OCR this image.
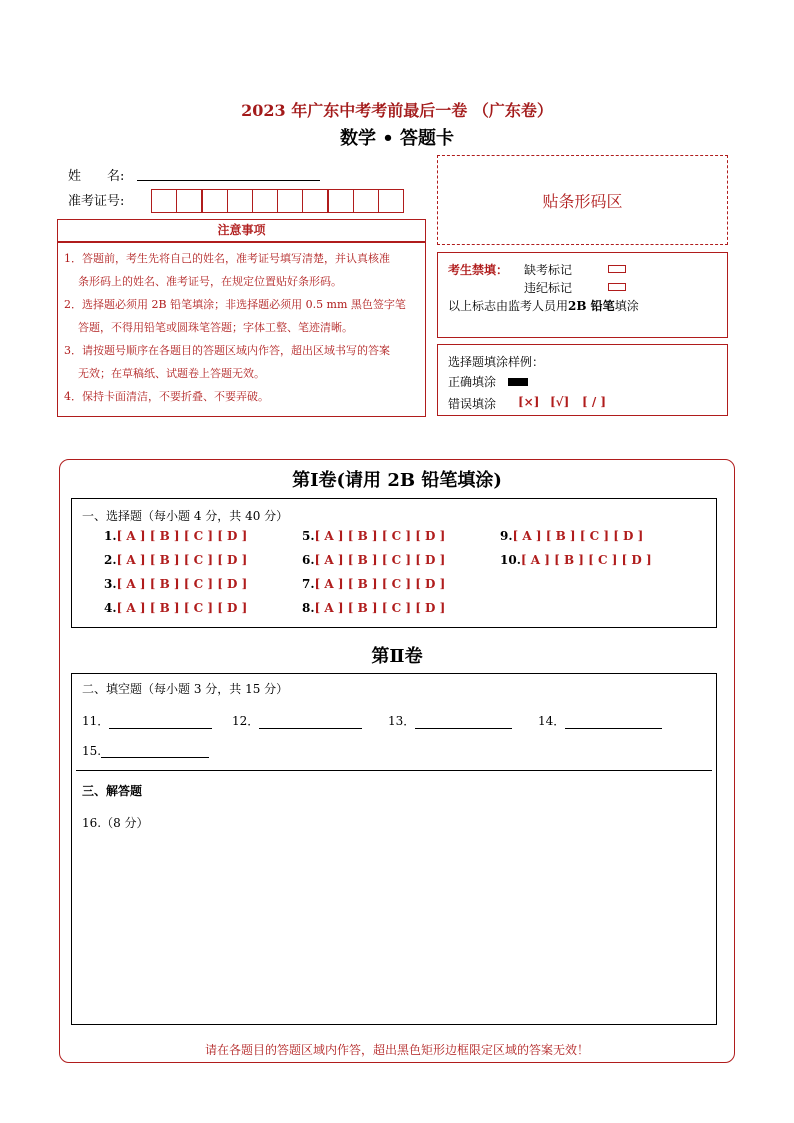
2023 年广东中考考前最后一卷 （广东卷）
数学 • 答题卡
姓　　名:
准考证号:	贴条形码区
注意事项
1．答题前，考生先将自己的姓名，准考证号填写清楚，并认真核准
条形码上的姓名、准考证号，在规定位置贴好条形码。
2．选择题必须用 2B 铅笔填涂；非选择题必须用 0.5 mm 黑色签字笔
答题，不得用铅笔或圆珠笔答题；字体工整、笔迹清晰。
3．请按题号顺序在各题目的答题区域内作答，超出区域书写的答案
无效；在草稿纸、试题卷上答题无效。
4．保持卡面清洁，不要折叠、不要弄破。
考生禁填： 缺考标记
违纪标记
以上标志由监考人员用2B 铅笔填涂
选择题填涂样例：
正确填涂
错误填涂 [×] [√] [ / ]
第Ⅰ卷(请用 2B 铅笔填涂)
一、选择题（每小题 4 分，共 40 分）
1.[ A ] [ B ] [ C ] [ D ]
2.[ A ] [ B ] [ C ] [ D ]
3.[ A ] [ B ] [ C ] [ D ]
4.[ A ] [ B ] [ C ] [ D ]
5.[ A ] [ B ] [ C ] [ D ]
6.[ A ] [ B ] [ C ] [ D ]
7.[ A ] [ B ] [ C ] [ D ]
8.[ A ] [ B ] [ C ] [ D ]
9.[ A ] [ B ] [ C ] [ D ]
10.[ A ] [ B ] [ C ] [ D ]
第Ⅱ卷
二、填空题（每小题 3 分，共 15 分）
11．	12．	13．	14．
15.
三、解答题
16.（8 分）
请在各题目的答题区域内作答，超出黑色矩形边框限定区域的答案无效！
